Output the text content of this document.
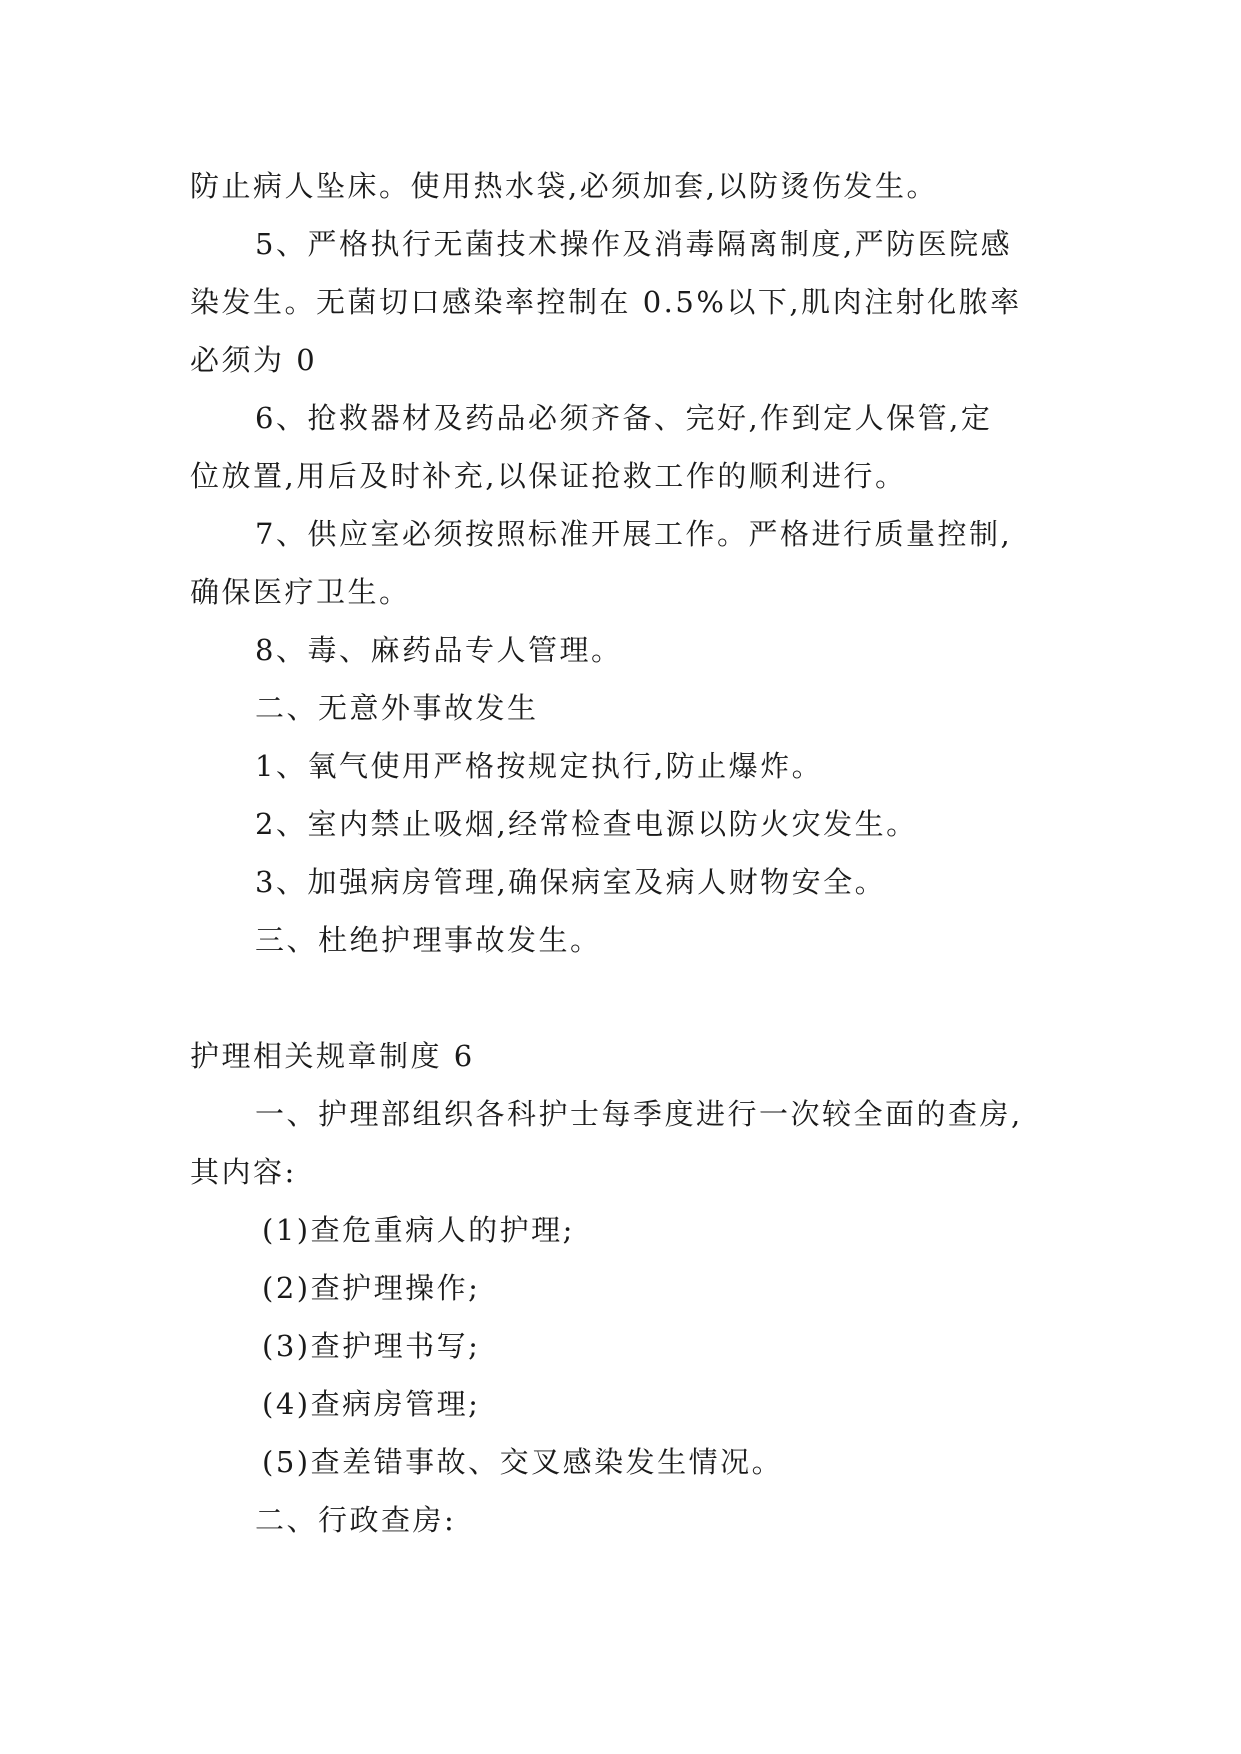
防止病人坠床。使用热水袋,必须加套,以防烫伤发生。
5、严格执行无菌技术操作及消毒隔离制度,严防医院感
染发生。无菌切口感染率控制在 0.5%以下,肌肉注射化脓率
必须为 0
6、抢救器材及药品必须齐备、完好,作到定人保管,定
位放置,用后及时补充,以保证抢救工作的顺利进行。
7、供应室必须按照标准开展工作。严格进行质量控制,
确保医疗卫生。
8、毒、麻药品专人管理。
二、无意外事故发生
1、氧气使用严格按规定执行,防止爆炸。
2、室内禁止吸烟,经常检查电源以防火灾发生。
3、加强病房管理,确保病室及病人财物安全。
三、杜绝护理事故发生。
护理相关规章制度 6
一、护理部组织各科护士每季度进行一次较全面的查房,
其内容:
(1)查危重病人的护理;
(2)查护理操作;
(3)查护理书写;
(4)查病房管理;
(5)查差错事故、交叉感染发生情况。
二、行政查房:
